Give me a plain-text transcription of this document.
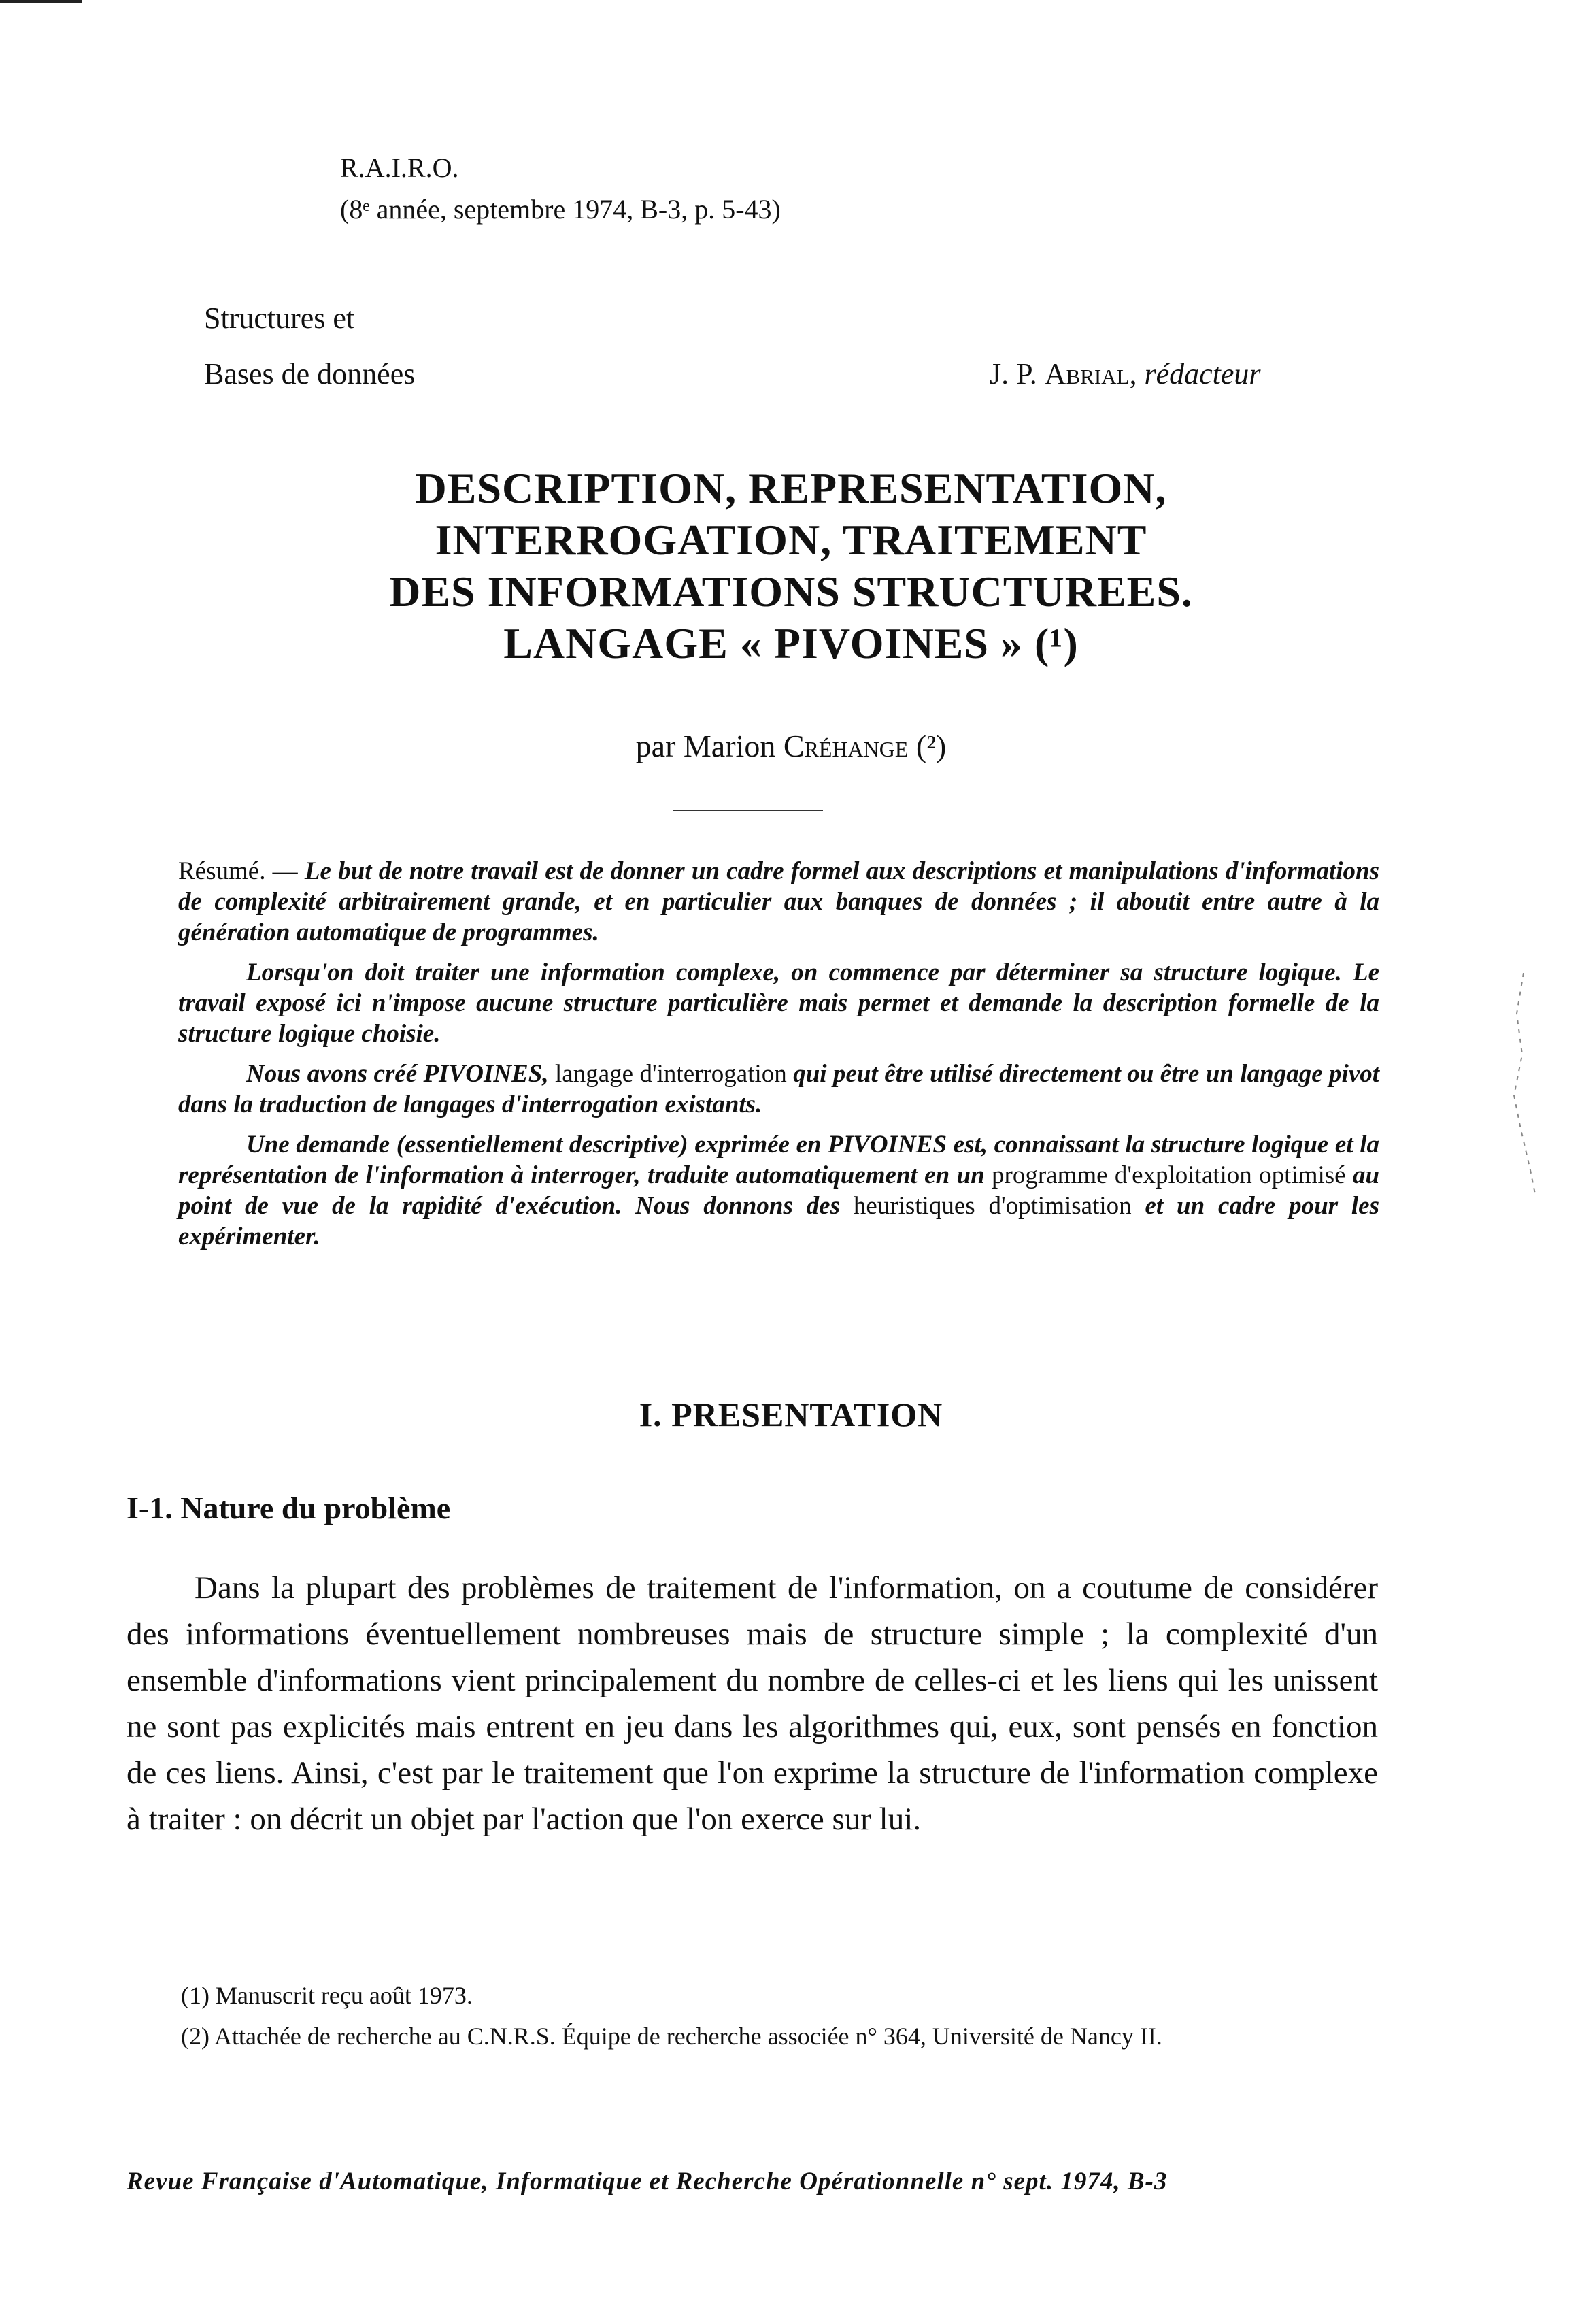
R.A.I.R.O.
(8ᵉ année, septembre 1974, B-3, p. 5-43)
Structures et
Bases de données	J. P. Abrial, rédacteur
DESCRIPTION, REPRESENTATION,
INTERROGATION, TRAITEMENT
DES INFORMATIONS STRUCTUREES.
LANGAGE « PIVOINES » (¹)
par Marion Créhange (²)

Résumé. — Le but de notre travail est de donner un cadre formel aux descriptions et manipulations d'informations de complexité arbitrairement grande, et en particulier aux banques de données ; il aboutit entre autre à la génération automatique de programmes.

Lorsqu'on doit traiter une information complexe, on commence par déterminer sa structure logique. Le travail exposé ici n'impose aucune structure particulière mais permet et demande la description formelle de la structure logique choisie.

Nous avons créé PIVOINES, langage d'interrogation qui peut être utilisé directement ou être un langage pivot dans la traduction de langages d'interrogation existants.

Une demande (essentiellement descriptive) exprimée en PIVOINES est, connaissant la structure logique et la représentation de l'information à interroger, traduite automatiquement en un programme d'exploitation optimisé au point de vue de la rapidité d'exécution. Nous donnons des heuristiques d'optimisation et un cadre pour les expérimenter.

I. PRESENTATION
I-1. Nature du problème
Dans la plupart des problèmes de traitement de l'information, on a coutume de considérer des informations éventuellement nombreuses mais de structure simple ; la complexité d'un ensemble d'informations vient principalement du nombre de celles-ci et les liens qui les unissent ne sont pas explicités mais entrent en jeu dans les algorithmes qui, eux, sont pensés en fonction de ces liens. Ainsi, c'est par le traitement que l'on exprime la structure de l'information complexe à traiter : on décrit un objet par l'action que l'on exerce sur lui.

(1) Manuscrit reçu août 1973.

(2) Attachée de recherche au C.N.R.S. Équipe de recherche associée n° 364, Université de Nancy II.

Revue Française d'Automatique, Informatique et Recherche Opérationnelle n° sept. 1974, B-3
